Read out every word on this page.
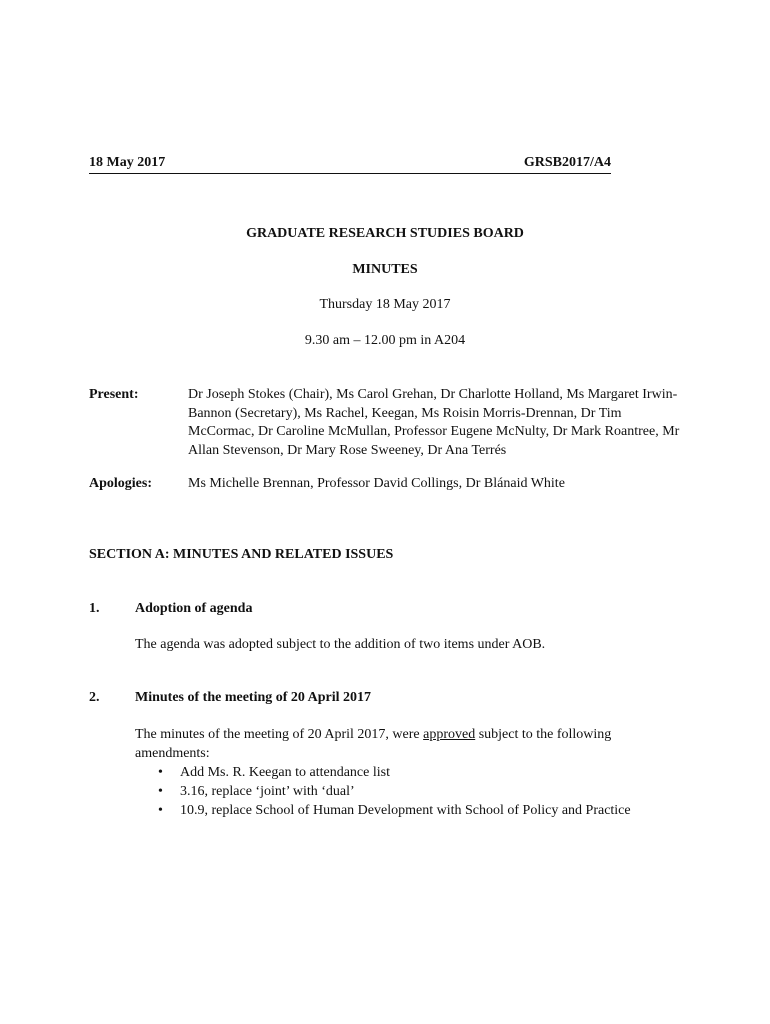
18 May 2017	GRSB2017/A4
GRADUATE RESEARCH STUDIES BOARD
MINUTES
Thursday 18 May 2017
9.30 am – 12.00 pm in A204
Present:	Dr Joseph Stokes (Chair), Ms Carol Grehan, Dr Charlotte Holland, Ms Margaret Irwin-Bannon (Secretary), Ms Rachel, Keegan, Ms Roisin Morris-Drennan, Dr Tim McCormac, Dr Caroline McMullan, Professor Eugene McNulty, Dr Mark Roantree, Mr Allan Stevenson, Dr Mary Rose Sweeney, Dr Ana Terrés
Apologies:	Ms Michelle Brennan, Professor David Collings, Dr Blánaid White
SECTION A: MINUTES AND RELATED ISSUES
1.	Adoption of agenda
The agenda was adopted subject to the addition of two items under AOB.
2.	Minutes of the meeting of 20 April 2017
The minutes of the meeting of 20 April 2017, were approved subject to the following amendments:
• Add Ms. R. Keegan to attendance list
• 3.16, replace ‘joint’ with ‘dual’
• 10.9, replace School of Human Development with School of Policy and Practice
